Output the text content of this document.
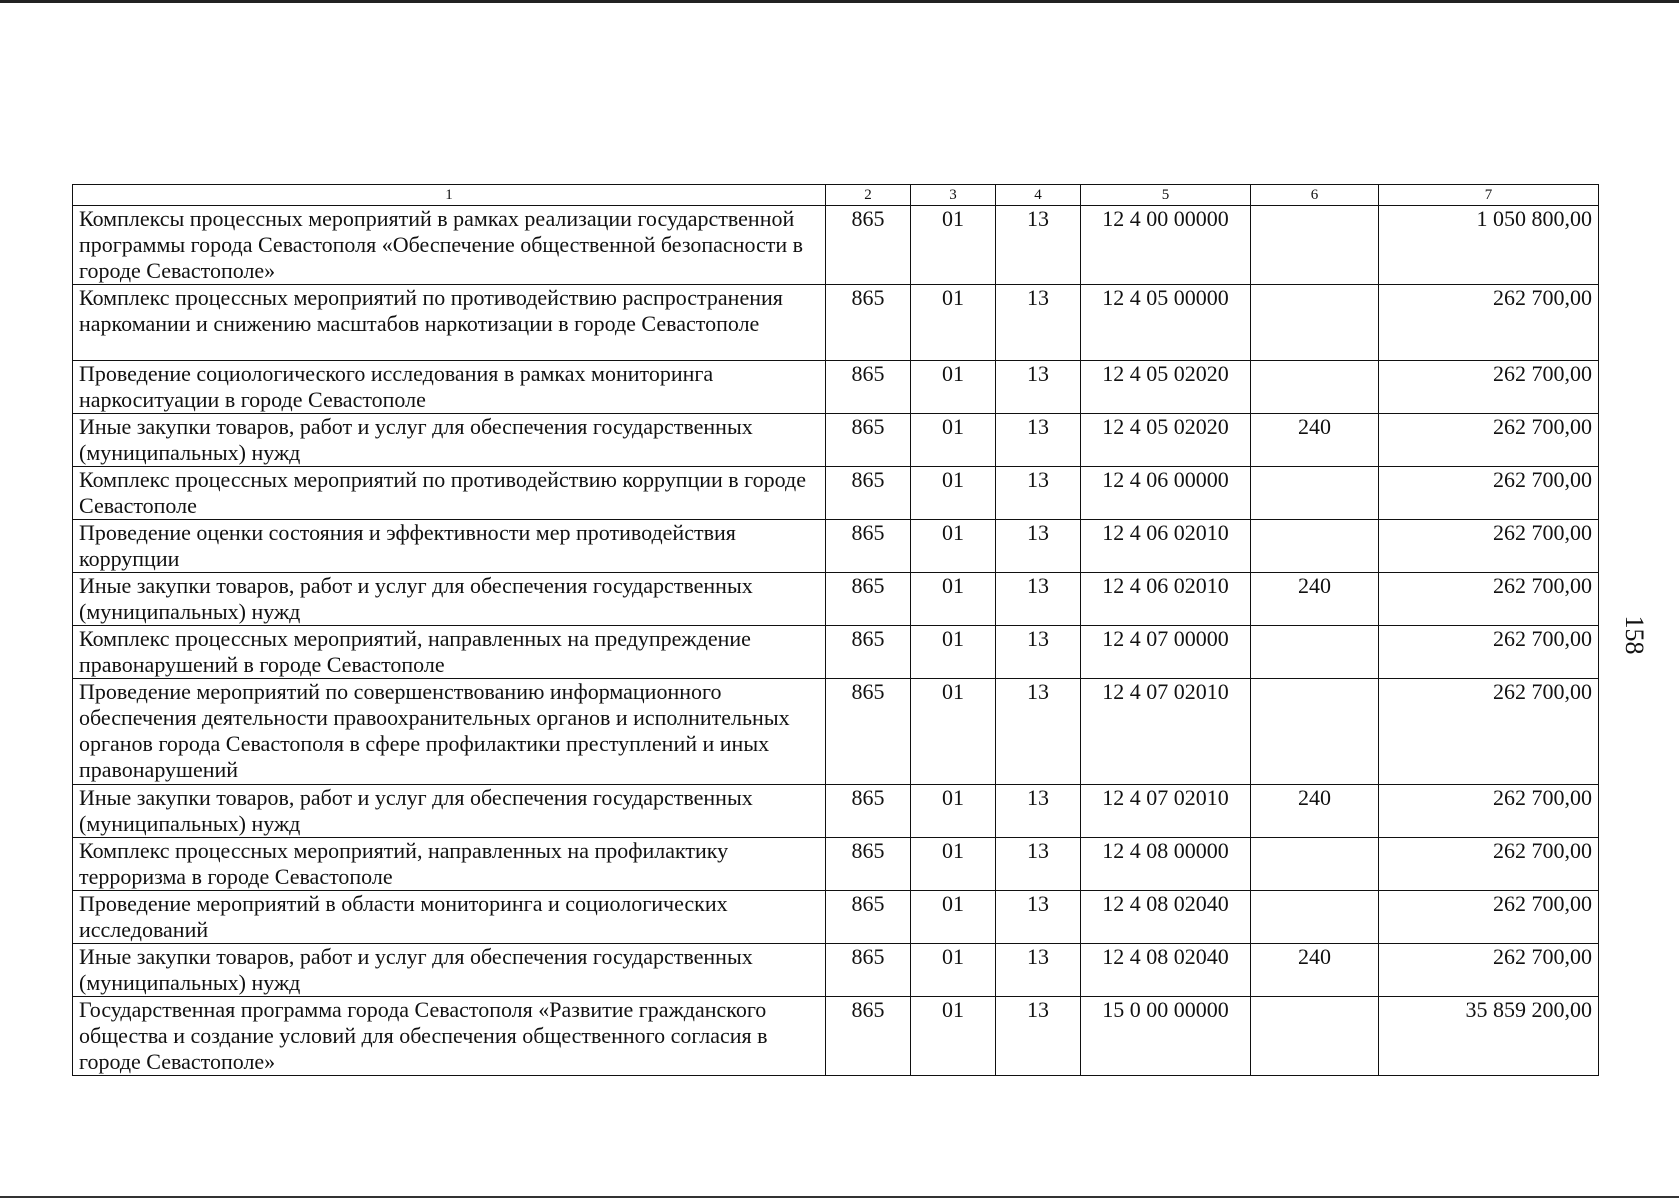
158
1	2	3	4	5	6	7
Комплексы процессных мероприятий в рамках реализации государственной программы города Севастополя «Обеспечение общественной безопасности в городе Севастополе»	865	01	13	12 4 00 00000		1 050 800,00
Комплекс процессных мероприятий по противодействию распространения наркомании и снижению масштабов наркотизации в городе Севастополе	865	01	13	12 4 05 00000		262 700,00
Проведение социологического исследования в рамках мониторинга наркоситуации в городе Севастополе	865	01	13	12 4 05 02020		262 700,00
Иные закупки товаров, работ и услуг для обеспечения государственных (муниципальных) нужд	865	01	13	12 4 05 02020	240	262 700,00
Комплекс процессных мероприятий по противодействию коррупции в городе Севастополе	865	01	13	12 4 06 00000		262 700,00
Проведение оценки состояния и эффективности мер противодействия коррупции	865	01	13	12 4 06 02010		262 700,00
Иные закупки товаров, работ и услуг для обеспечения государственных (муниципальных) нужд	865	01	13	12 4 06 02010	240	262 700,00
Комплекс процессных мероприятий, направленных на предупреждение правонарушений в городе Севастополе	865	01	13	12 4 07 00000		262 700,00
Проведение мероприятий по совершенствованию информационного обеспечения деятельности правоохранительных органов и исполнительных органов города Севастополя в сфере профилактики преступлений и иных правонарушений	865	01	13	12 4 07 02010		262 700,00
Иные закупки товаров, работ и услуг для обеспечения государственных (муниципальных) нужд	865	01	13	12 4 07 02010	240	262 700,00
Комплекс процессных мероприятий, направленных на профилактику терроризма в городе Севастополе	865	01	13	12 4 08 00000		262 700,00
Проведение мероприятий в области мониторинга и социологических исследований	865	01	13	12 4 08 02040		262 700,00
Иные закупки товаров, работ и услуг для обеспечения государственных (муниципальных) нужд	865	01	13	12 4 08 02040	240	262 700,00
Государственная программа города Севастополя «Развитие гражданского общества и создание условий для обеспечения общественного согласия в городе Севастополе»	865	01	13	15 0 00 00000		35 859 200,00
